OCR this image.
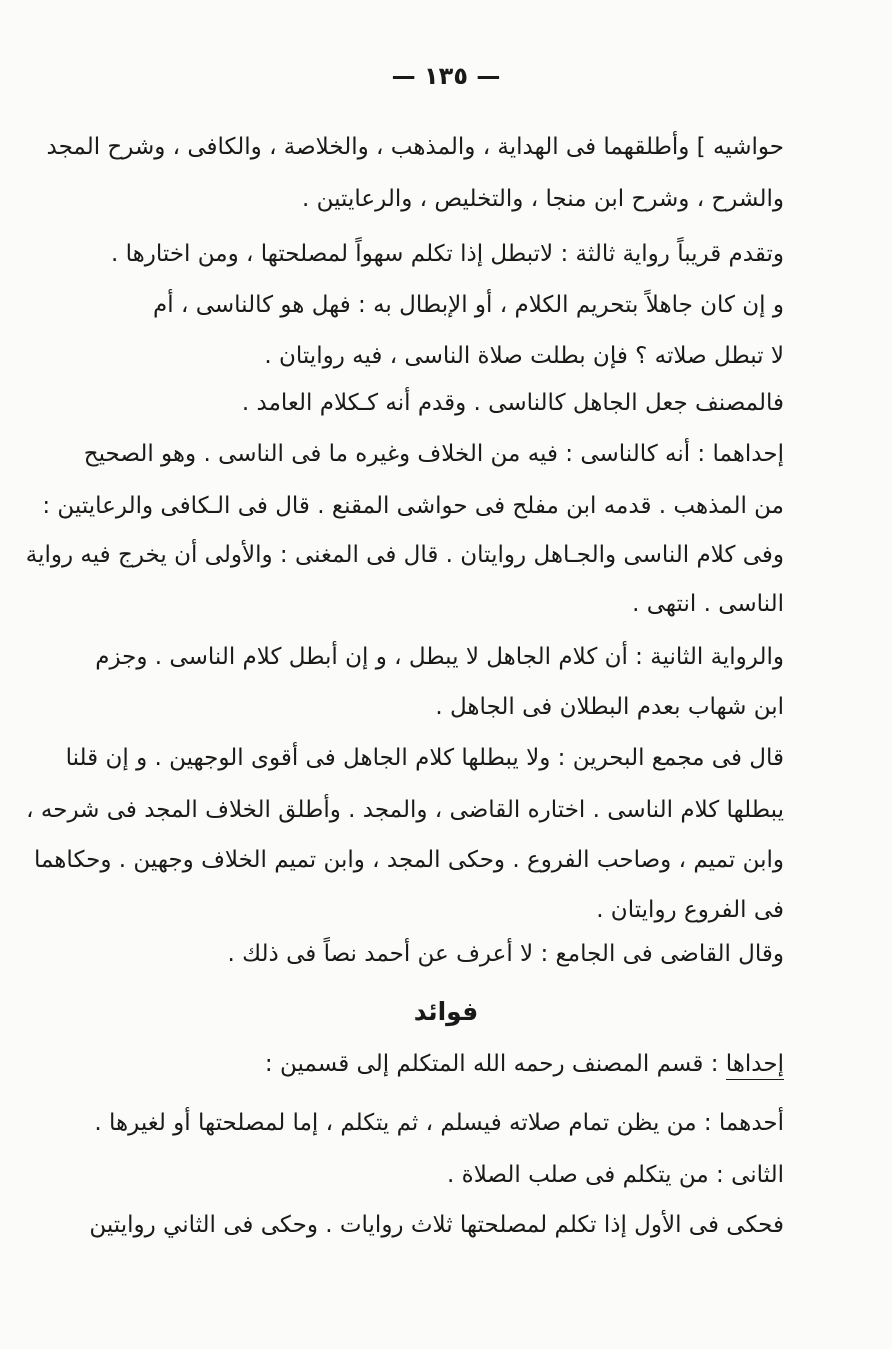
— ١٣٥ —
حواشيه ] وأطلقهما فى الهداية ، والمذهب ، والخلاصة ، والكافى ، وشرح المجد
والشرح ، وشرح ابن منجا ، والتخليص ، والرعايتين .
وتقدم قريباً رواية ثالثة : لاتبطل إذا تكلم سهواً لمصلحتها ، ومن اختارها .
و إن كان جاهلاً بتحريم الكلام ، أو الإبطال به : فهل هو كالناسى ، أم
لا تبطل صلاته ؟ فإن بطلت صلاة الناسى ، فيه روايتان .
فالمصنف جعل الجاهل كالناسى . وقدم أنه كـكلام العامد .
إحداهما : أنه كالناسى : فيه من الخلاف وغيره ما فى الناسى . وهو الصحيح
من المذهب . قدمه ابن مفلح فى حواشى المقنع . قال فى الـكافى والرعايتين :
وفى كلام الناسى والجـاهل روايتان . قال فى المغنى : والأولى أن يخرج فيه رواية
الناسى . انتهى .
والرواية الثانية : أن كلام الجاهل لا يبطل ، و إن أبطل كلام الناسى . وجزم
ابن شهاب بعدم البطلان فى الجاهل .
قال فى مجمع البحرين : ولا يبطلها كلام الجاهل فى أقوى الوجهين . و إن قلنا
يبطلها كلام الناسى . اختاره القاضى ، والمجد . وأطلق الخلاف المجد فى شرحه ،
وابن تميم ، وصاحب الفروع . وحكى المجد ، وابن تميم الخلاف وجهين . وحكاهما
فى الفروع روايتان .
وقال القاضى فى الجامع : لا أعرف عن أحمد نصاً فى ذلك .
فوائد
إحداها : قسم المصنف رحمه الله المتكلم إلى قسمين :
أحدهما : من يظن تمام صلاته فيسلم ، ثم يتكلم ، إما لمصلحتها أو لغيرها .
الثانى : من يتكلم فى صلب الصلاة .
فحكى فى الأول إذا تكلم لمصلحتها ثلاث روايات . وحكى فى الثاني روايتين
